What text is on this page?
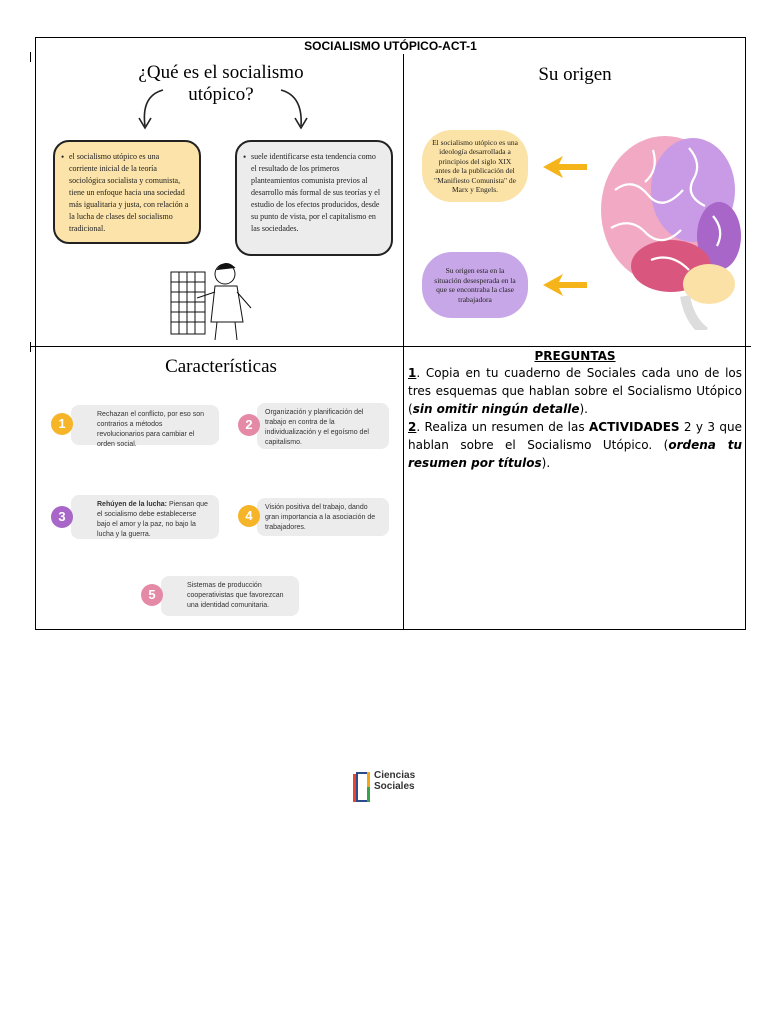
SOCIALISMO UTÓPICO-ACT-1
¿Qué es el socialismo
utópico?
• el socialismo utópico es una corriente inicial de la teoría sociológica socialista y comunista, tiene un enfoque hacia una sociedad más igualitaria y justa, con relación a la lucha de clases del socialismo tradicional.
• suele identificarse esta tendencia como el resultado de los primeros planteamientos comunista previos al desarrollo más formal de sus teorías y el estudio de los efectos producidos, desde su punto de vista, por el capitalismo en las sociedades.
Su origen
El socialismo utópico es una ideología desarrollada a principios del siglo XIX antes de la publicación del "Manifiesto Comunista" de Marx y Engels.
Su origen esta en la situación desesperada en la que se encontraba la clase trabajadora
Características
Rechazan el conflicto, por eso son contrarios a métodos revolucionarios para cambiar el orden social.
1
Organización y planificación del trabajo en contra de la individualización y el egoísmo del capitalismo.
2
Rehúyen de la lucha: Piensan que el socialismo debe establecerse bajo el amor y la paz, no bajo la lucha y la guerra.
3
Visión positiva del trabajo, dando gran importancia a la asociación de trabajadores.
4
Sistemas de producción cooperativistas que favorezcan una identidad comunitaria.
5
PREGUNTAS

1. Copia en tu cuaderno de Sociales cada uno de los tres esquemas que hablan sobre el Socialismo Utópico (sin omitir ningún detalle).

2. Realiza un resumen de las ACTIVIDADES 2 y 3 que hablan sobre el Socialismo Utópico. (ordena tu resumen por títulos).

Ciencias
Sociales
